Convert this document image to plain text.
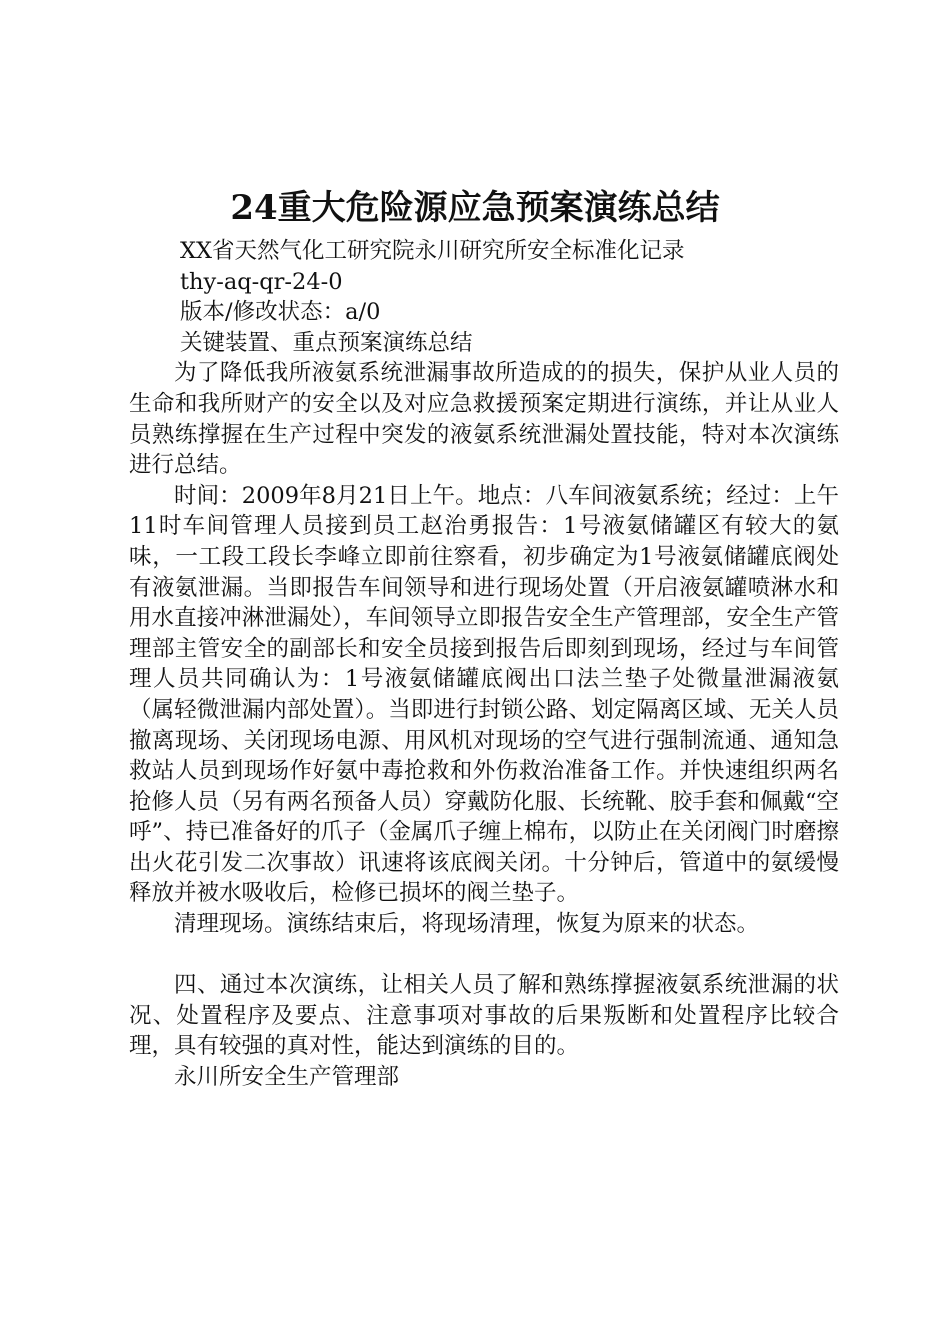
24重大危险源应急预案演练总结

XX省天然气化工研究院永川研究所安全标准化记录

thy-aq-qr-24-0

版本/修改状态：a/0

关键装置、重点预案演练总结

为了降低我所液氨系统泄漏事故所造成的的损失，保护从业人员的生命和我所财产的安全以及对应急救援预案定期进行演练，并让从业人员熟练撑握在生产过程中突发的液氨系统泄漏处置技能，特对本次演练进行总结。

时间：2009年8月21日上午。地点：八车间液氨系统；经过：上午11时车间管理人员接到员工赵治勇报告：1号液氨储罐区有较大的氨味，一工段工段长李峰立即前往察看，初步确定为1号液氨储罐底阀处有液氨泄漏。当即报告车间领导和进行现场处置（开启液氨罐喷淋水和用水直接冲淋泄漏处），车间领导立即报告安全生产管理部，安全生产管理部主管安全的副部长和安全员接到报告后即刻到现场，经过与车间管理人员共同确认为：1号液氨储罐底阀出口法兰垫子处微量泄漏液氨（属轻微泄漏内部处置）。当即进行封锁公路、划定隔离区域、无关人员撤离现场、关闭现场电源、用风机对现场的空气进行强制流通、通知急救站人员到现场作好氨中毒抢救和外伤救治准备工作。并快速组织两名抢修人员（另有两名预备人员）穿戴防化服、长统靴、胶手套和佩戴“空呼”、持已准备好的爪子（金属爪子缠上棉布，以防止在关闭阀门时磨擦出火花引发二次事故）讯速将该底阀关闭。十分钟后，管道中的氨缓慢释放并被水吸收后，检修已损坏的阀兰垫子。

清理现场。演练结束后，将现场清理，恢复为原来的状态。

四、通过本次演练，让相关人员了解和熟练撑握液氨系统泄漏的状况、处置程序及要点、注意事项对事故的后果叛断和处置程序比较合理，具有较强的真对性，能达到演练的目的。

永川所安全生产管理部
